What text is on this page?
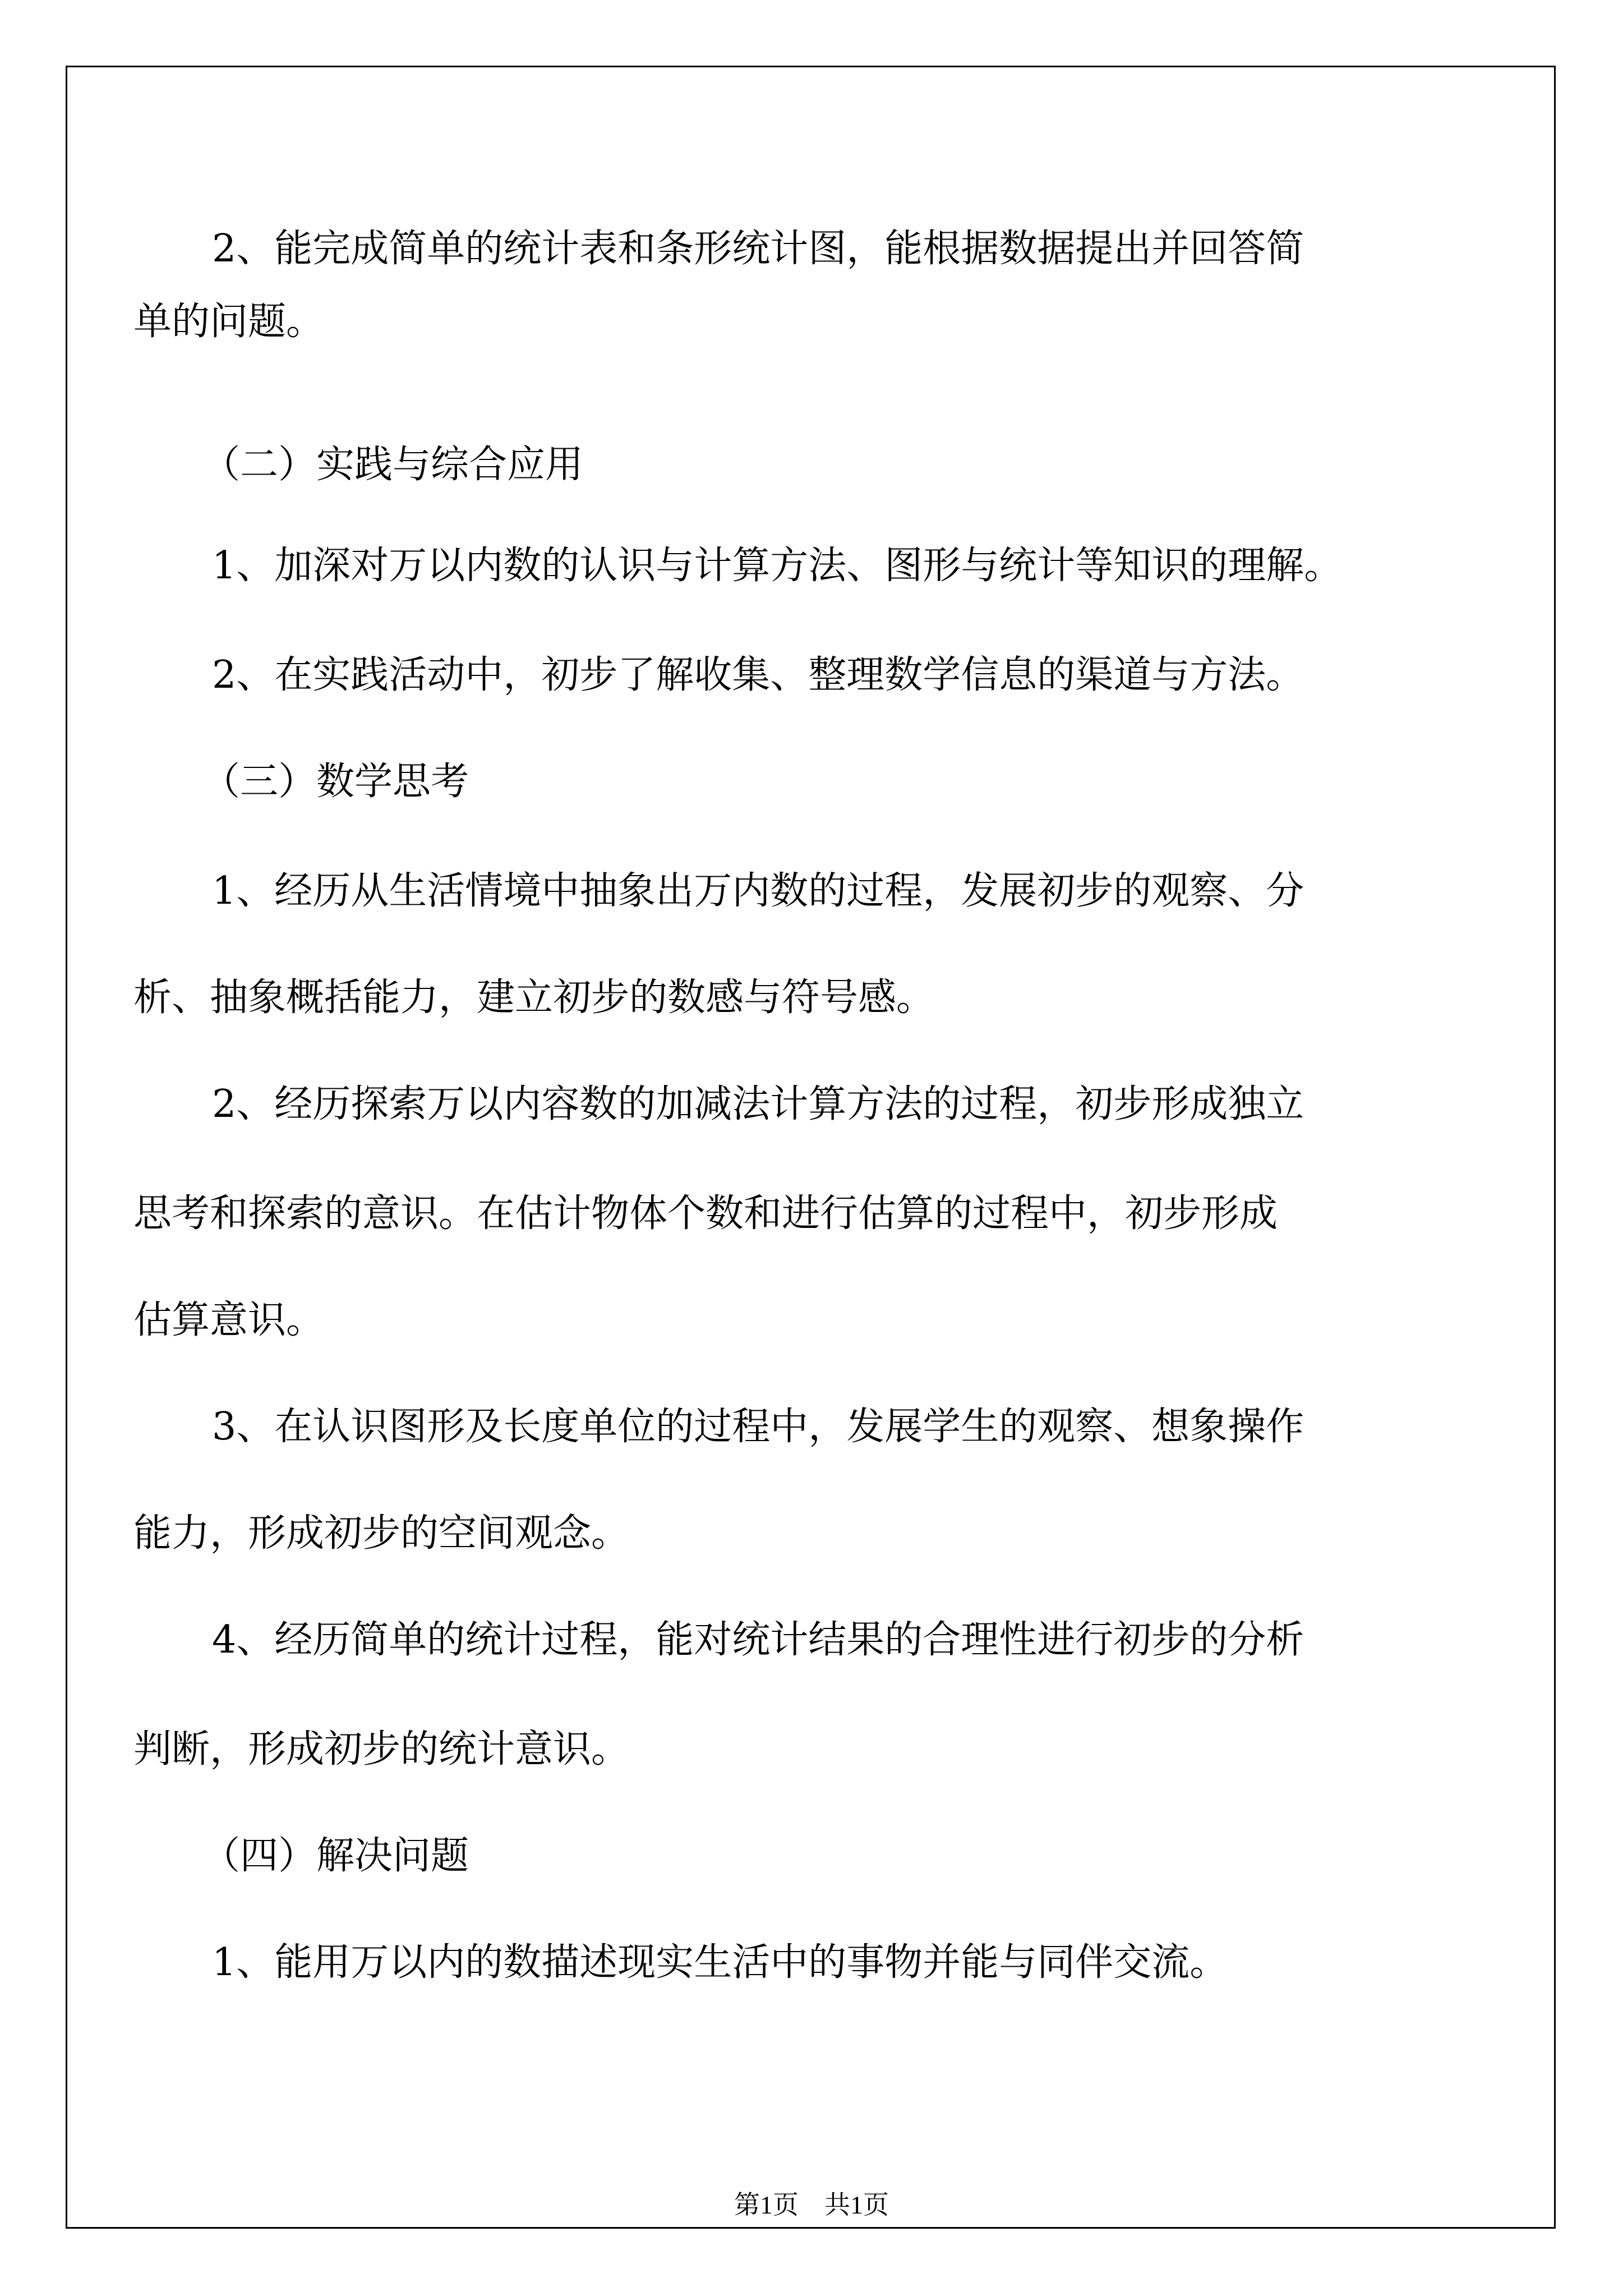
2、能完成简单的统计表和条形统计图，能根据数据提出并回答简
单的问题。
（二）实践与综合应用
1、加深对万以内数的认识与计算方法、图形与统计等知识的理解。
2、在实践活动中，初步了解收集、整理数学信息的渠道与方法。
（三）数学思考
1、经历从生活情境中抽象出万内数的过程，发展初步的观察、分
析、抽象概括能力，建立初步的数感与符号感。
2、经历探索万以内容数的加减法计算方法的过程，初步形成独立
思考和探索的意识。在估计物体个数和进行估算的过程中，初步形成
估算意识。
3、在认识图形及长度单位的过程中，发展学生的观察、想象操作
能力，形成初步的空间观念。
4、经历简单的统计过程，能对统计结果的合理性进行初步的分析
判断，形成初步的统计意识。
（四）解决问题
1、能用万以内的数描述现实生活中的事物并能与同伴交流。
第1页　共1页
